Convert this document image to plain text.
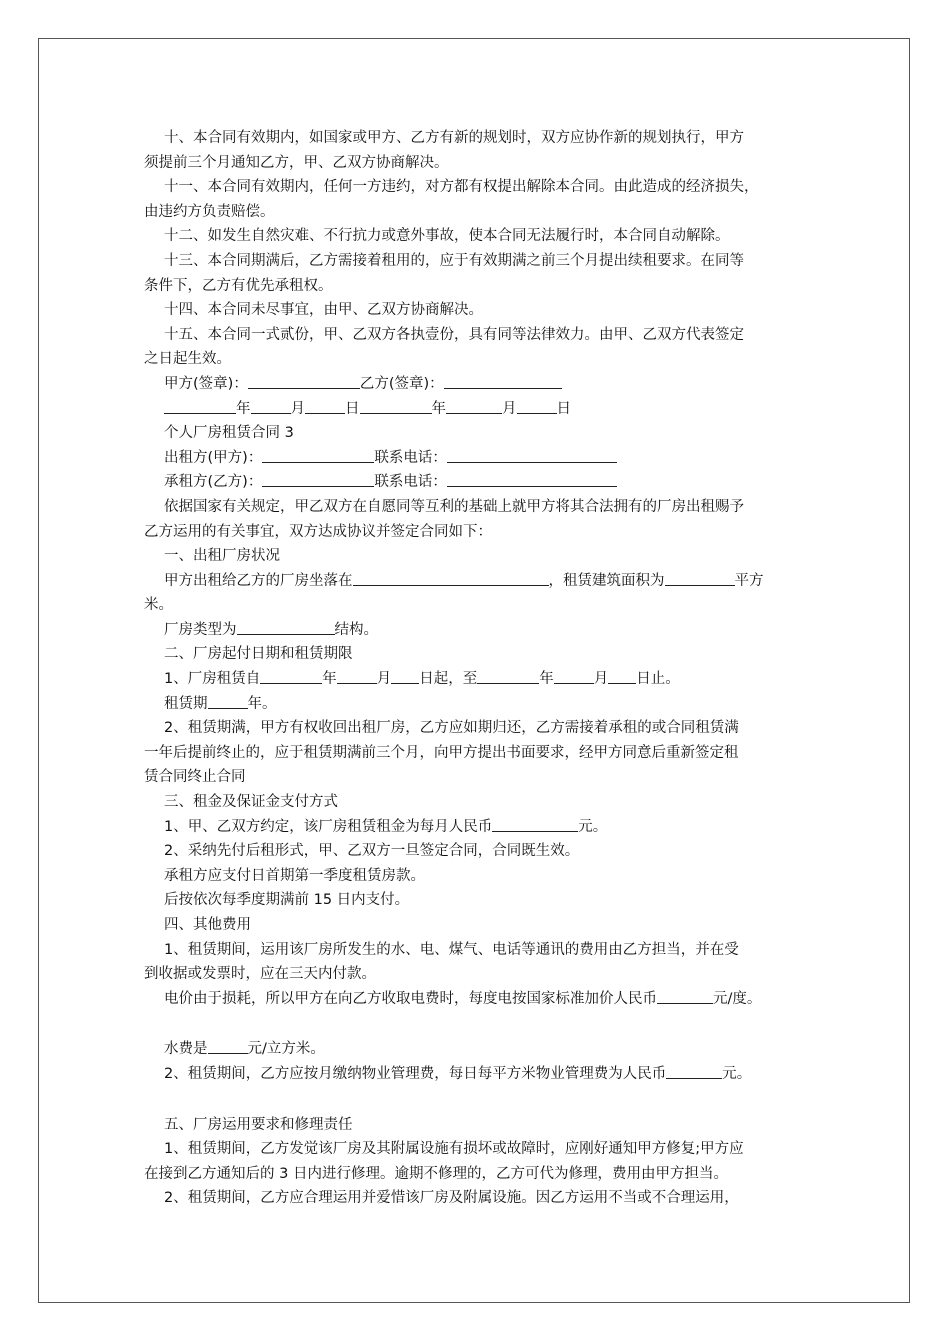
十、本合同有效期内，如国家或甲方、乙方有新的规划时，双方应协作新的规划执行，甲方
须提前三个月通知乙方，甲、乙双方协商解决。
十一、本合同有效期内，任何一方违约，对方都有权提出解除本合同。由此造成的经济损失，
由违约方负责赔偿。
十二、如发生自然灾难、不行抗力或意外事故，使本合同无法履行时，本合同自动解除。
十三、本合同期满后，乙方需接着租用的，应于有效期满之前三个月提出续租要求。在同等
条件下，乙方有优先承租权。
十四、本合同未尽事宜，由甲、乙双方协商解决。
十五、本合同一式贰份，甲、乙双方各执壹份，具有同等法律效力。由甲、乙双方代表签定
之日起生效。
甲方(签章)：	乙方(签章)：
年	月	日	年	月	日
个人厂房租赁合同 3
出租方(甲方)：	联系电话：
承租方(乙方)：	联系电话：
依据国家有关规定，甲乙双方在自愿同等互利的基础上就甲方将其合法拥有的厂房出租赐予
乙方运用的有关事宜，双方达成协议并签定合同如下：
一、出租厂房状况
甲方出租给乙方的厂房坐落在	，租赁建筑面积为	平方
米。
厂房类型为	结构。
二、厂房起付日期和租赁期限
1、厂房租赁自	年	月 日起，至	年	月 日止。
租赁期	年。
2、租赁期满，甲方有权收回出租厂房，乙方应如期归还，乙方需接着承租的或合同租赁满
一年后提前终止的，应于租赁期满前三个月，向甲方提出书面要求，经甲方同意后重新签定租
赁合同终止合同
三、租金及保证金支付方式
1、甲、乙双方约定，该厂房租赁租金为每月人民币	元。
2、采纳先付后租形式，甲、乙双方一旦签定合同，合同既生效。
承租方应支付日首期第一季度租赁房款。
后按依次每季度期满前 15 日内支付。
四、其他费用
1、租赁期间，运用该厂房所发生的水、电、煤气、电话等通讯的费用由乙方担当，并在受
到收据或发票时，应在三天内付款。
电价由于损耗，所以甲方在向乙方收取电费时，每度电按国家标准加价人民币	元/度。
水费是	元/立方米。
2、租赁期间，乙方应按月缴纳物业管理费，每日每平方米物业管理费为人民币	元。
五、厂房运用要求和修理责任
1、租赁期间，乙方发觉该厂房及其附属设施有损坏或故障时，应刚好通知甲方修复;甲方应
在接到乙方通知后的 3 日内进行修理。逾期不修理的，乙方可代为修理，费用由甲方担当。
2、租赁期间，乙方应合理运用并爱惜该厂房及附属设施。因乙方运用不当或不合理运用，
